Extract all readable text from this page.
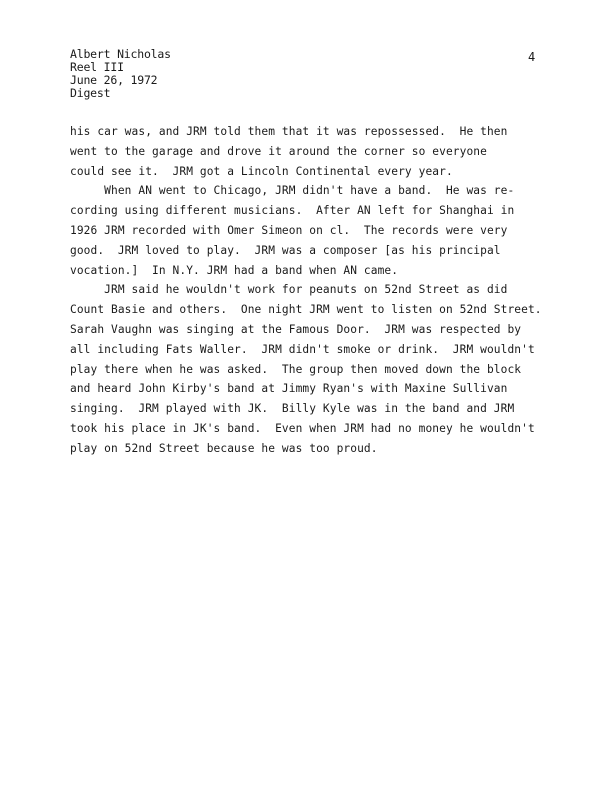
Albert Nicholas
Reel III
June 26, 1972
Digest
4
his car was, and JRM told them that it was repossessed.  He then
went to the garage and drove it around the corner so everyone
could see it.  JRM got a Lincoln Continental every year.
When AN went to Chicago, JRM didn't have a band.  He was re-
cording using different musicians.  After AN left for Shanghai in
1926 JRM recorded with Omer Simeon on cl.  The records were very
good.  JRM loved to play.  JRM was a composer [as his principal
vocation.]  In N.Y. JRM had a band when AN came.
JRM said he wouldn't work for peanuts on 52nd Street as did
Count Basie and others.  One night JRM went to listen on 52nd Street.
Sarah Vaughn was singing at the Famous Door.  JRM was respected by
all including Fats Waller.  JRM didn't smoke or drink.  JRM wouldn't
play there when he was asked.  The group then moved down the block
and heard John Kirby's band at Jimmy Ryan's with Maxine Sullivan
singing.  JRM played with JK.  Billy Kyle was in the band and JRM
took his place in JK's band.  Even when JRM had no money he wouldn't
play on 52nd Street because he was too proud.
